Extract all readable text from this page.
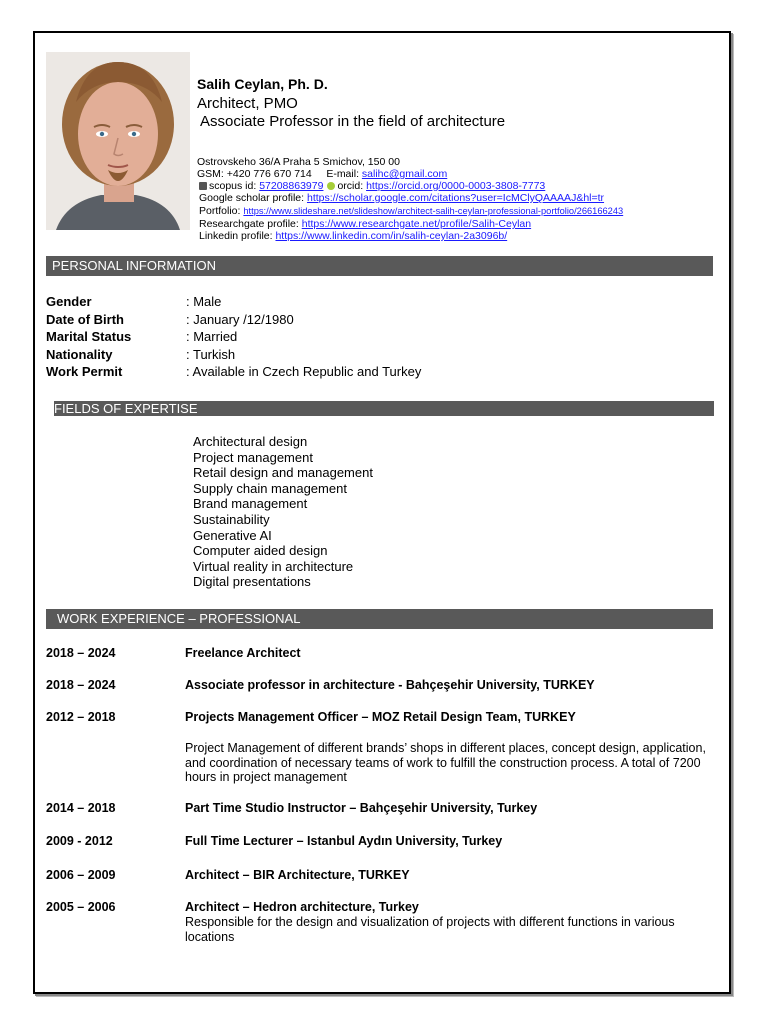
Salih Ceylan, Ph. D.
Architect, PMO
Associate Professor in the field of architecture
Ostrovskeho 36/A Praha 5 Smichov, 150 00
GSM: +420 776 670 714 E-mail: salihc@gmail.com
scopus id: 57208863979 orcid: https://orcid.org/0000-0003-3808-7773
Google scholar profile: https://scholar.google.com/citations?user=IcMClyQAAAAJ&hl=tr
Portfolio: https://www.slideshare.net/slideshow/architect-salih-ceylan-professional-portfolio/266166243
Researchgate profile: https://www.researchgate.net/profile/Salih-Ceylan
Linkedin profile: https://www.linkedin.com/in/salih-ceylan-2a3096b/
PERSONAL INFORMATION
Gender	: Male
Date of Birth	: January /12/1980
Marital Status	: Married
Nationality	: Turkish
Work Permit	: Available in Czech Republic and Turkey
FIELDS OF EXPERTISE
Architectural design
Project management
Retail design and management
Supply chain management
Brand management
Sustainability
Generative AI
Computer aided design
Virtual reality in architecture
Digital presentations
WORK EXPERIENCE – PROFESSIONAL
2018 – 2024	Freelance Architect
2018 – 2024	Associate professor in architecture - Bahçeşehir University, TURKEY
2012 – 2018	Projects Management Officer – MOZ Retail Design Team, TURKEY
Project Management of different brands’ shops in different places, concept design, application, and coordination of necessary teams of work to fulfill the construction process. A total of 7200 hours in project management
2014 – 2018	Part Time Studio Instructor – Bahçeşehir University, Turkey
2009 - 2012	Full Time Lecturer – Istanbul Aydın University, Turkey
2006 – 2009	Architect – BIR Architecture, TURKEY
2005 – 2006	Architect – Hedron architecture, Turkey
Responsible for the design and visualization of projects with different functions in various locations
